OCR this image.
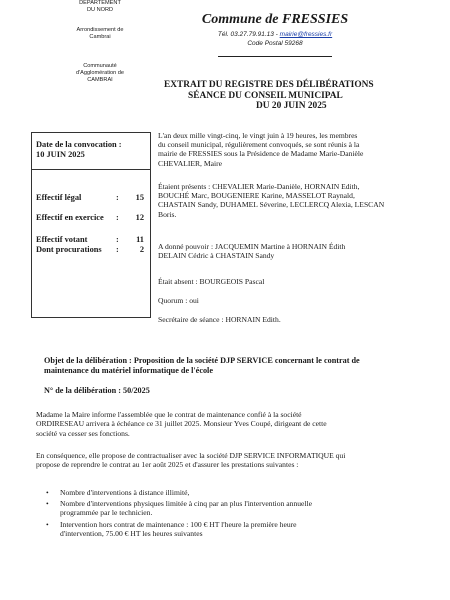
DEPARTEMENT
DU NORD
Arrondissement de
Cambrai
Communauté
d'Agglomération de
CAMBRAI
Commune de FRESSIES
Tél. 03.27.79.91.13 - mairie@fressies.fr
Code Postal 59268
EXTRAIT DU REGISTRE DES DÉLIBÉRATIONS
SÉANCE DU CONSEIL MUNICIPAL
DU 20 JUIN 2025
Date de la convocation :
10 JUIN 2025
Effectif légal	:	15
Effectif en exercice	:	12
Effectif votant	:	11
Dont procurations	:	2
L'an deux mille vingt-cinq, le vingt juin à 19 heures, les membres
du conseil municipal, régulièrement convoqués, se sont réunis à la
mairie de FRESSIES sous la Présidence de Madame Marie-Danièle
CHEVALIER, Maire
Étaient présents : CHEVALIER Marie-Danièle, HORNAIN Edith,
BOUCHÉ Marc, BOUGENIERE Karine, MASSELOT Raynald,
CHASTAIN Sandy, DUHAMEL Séverine, LECLERCQ Alexia, LESCAN
Boris.
A donné pouvoir : JACQUEMIN Martine à HORNAIN Édith
DELAIN Cédric à CHASTAIN Sandy
Était absent : BOURGEOIS Pascal
Quorum : oui
Secrétaire de séance : HORNAIN Edith.
Objet de la délibération : Proposition de la société DJP SERVICE concernant le contrat de
maintenance du matériel informatique de l'école
N° de la délibération : 50/2025
Madame la Maire informe l'assemblée que le contrat de maintenance confié à la société
ORDIRESEAU arrivera à échéance ce 31 juillet 2025. Monsieur Yves Coupé, dirigeant de cette
société va cesser ses fonctions.
En conséquence, elle propose de contractualiser avec la société DJP SERVICE INFORMATIQUE qui
propose de reprendre le contrat au 1er août 2025 et d'assurer les prestations suivantes :
• Nombre d'interventions à distance illimité,
• Nombre d'interventions physiques limitée à cinq par an plus l'intervention annuelle
programmée par le technicien.
• Intervention hors contrat de maintenance : 100 € HT l'heure la première heure
d'intervention, 75.00 € HT les heures suivantes
